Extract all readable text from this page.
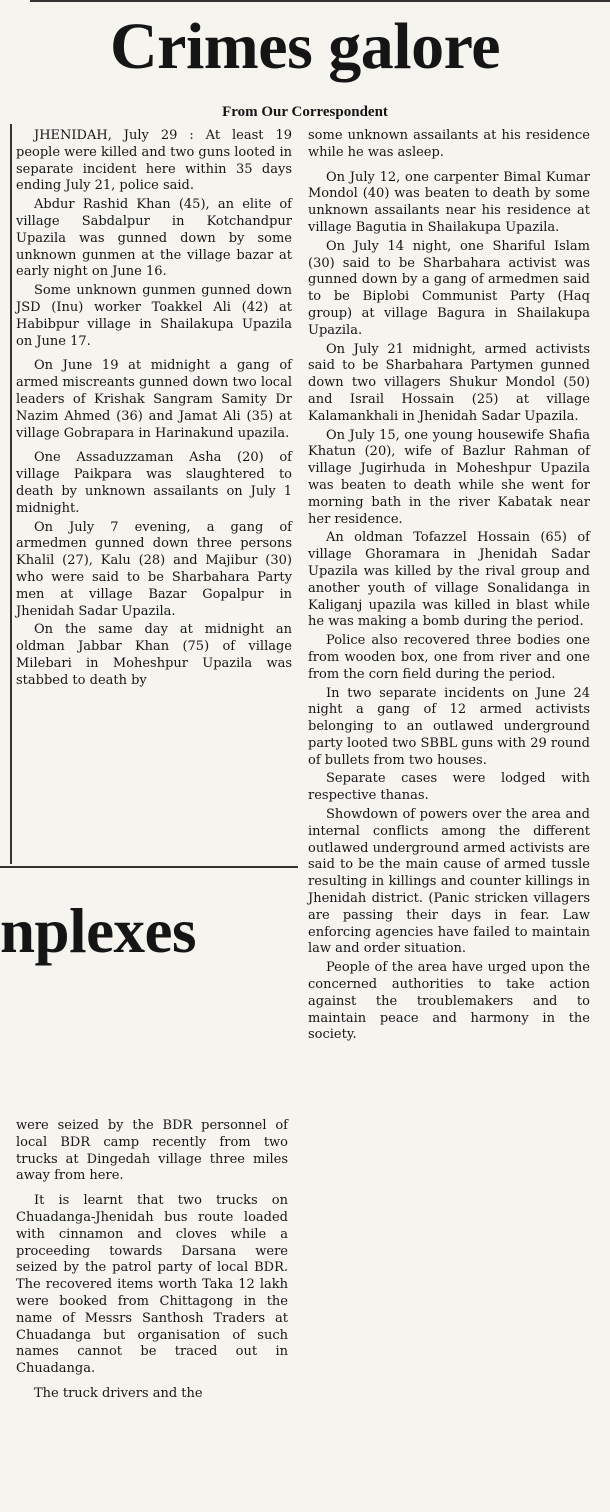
Crimes galore
From Our Correspondent

JHENIDAH, July 29 : At least 19 people were killed and two guns looted in separate incident here within 35 days ending July 21, police said.

Abdur Rashid Khan (45), an elite of village Sabdalpur in Kotchandpur Upazila was gunned down by some unknown gunmen at the village bazar at early night on June 16.

Some unknown gunmen gunned down JSD (Inu) worker Toakkel Ali (42) at Habibpur village in Shailakupa Upazila on June 17.

On June 19 at midnight a gang of armed miscreants gunned down two local leaders of Krishak Sangram Samity Dr Nazim Ahmed (36) and Jamat Ali (35) at village Gobrapara in Harinakund upazila.

One Assaduzzaman Asha (20) of village Paikpara was slaughtered to death by unknown assailants on July 1 midnight.

On July 7 evening, a gang of armedmen gunned down three persons Khalil (27), Kalu (28) and Majibur (30) who were said to be Sharbahara Party men at village Bazar Gopalpur in Jhenidah Sadar Upazila.

On the same day at midnight an oldman Jabbar Khan (75) of village Milebari in Moheshpur Upazila was stabbed to death by

some unknown assailants at his residence while he was asleep.

On July 12, one carpenter Bimal Kumar Mondol (40) was beaten to death by some unknown assailants near his residence at village Bagutia in Shailakupa Upazila.

On July 14 night, one Shariful Islam (30) said to be Sharbahara activist was gunned down by a gang of armedmen said to be Biplobi Communist Party (Haq group) at village Bagura in Shailakupa Upazila.

On July 21 midnight, armed activists said to be Sharbahara Partymen gunned down two villagers Shukur Mondol (50) and Israil Hossain (25) at village Kalamankhali in Jhenidah Sadar Upazila.

On July 15, one young housewife Shafia Khatun (20), wife of Bazlur Rahman of village Jugirhuda in Moheshpur Upazila was beaten to death while she went for morning bath in the river Kabatak near her residence.

An oldman Tofazzel Hossain (65) of village Ghoramara in Jhenidah Sadar Upazila was killed by the rival group and another youth of village Sonalidanga in Kaliganj upazila was killed in blast while he was making a bomb during the period.

Police also recovered three bodies one from wooden box, one from river and one from the corn field during the period.

In two separate incidents on June 24 night a gang of 12 armed activists belonging to an outlawed underground party looted two SBBL guns with 29 round of bullets from two houses.

Separate cases were lodged with respective thanas.

Showdown of powers over the area and internal conflicts among the different outlawed underground armed activists are said to be the main cause of armed tussle resulting in killings and counter killings in Jhenidah district. (Panic stricken villagers are passing their days in fear. Law enforcing agencies have failed to maintain law and order situation.

People of the area have urged upon the concerned authorities to take action against the troublemakers and to maintain peace and harmony in the society.

nplexes

were seized by the BDR personnel of local BDR camp recently from two trucks at Dingedah village three miles away from here.

It is learnt that two trucks on Chuadanga-Jhenidah bus route loaded with cinnamon and cloves while a proceeding towards Darsana were seized by the patrol party of local BDR. The recovered items worth Taka 12 lakh were booked from Chittagong in the name of Messrs Santhosh Traders at Chuadanga but organisation of such names cannot be traced out in Chuadanga.

The truck drivers and the
